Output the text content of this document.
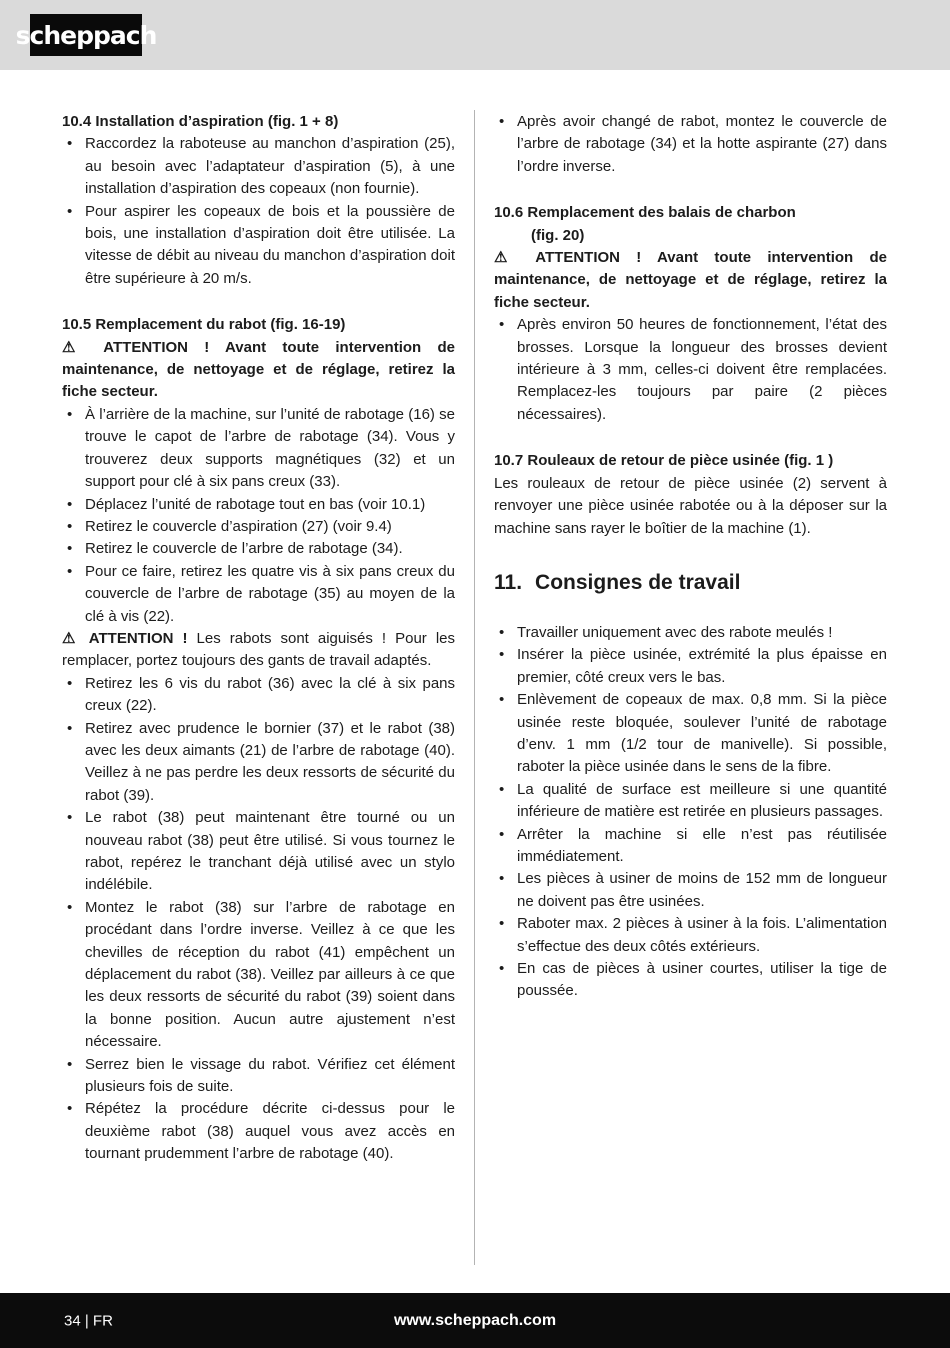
scheppach
10.4 Installation d’aspiration (fig. 1 + 8)
• Raccordez la raboteuse au manchon d’aspiration (25), au besoin avec l’adaptateur d’aspiration (5), à une installation d’aspiration des copeaux (non fournie).
• Pour aspirer les copeaux de bois et la poussière de bois, une installation d’aspiration doit être utilisée. La vitesse de débit au niveau du manchon d’aspiration doit être supérieure à 20 m/s.
10.5 Remplacement du rabot (fig. 16-19)

⚠ ATTENTION ! Avant toute intervention de maintenance, de nettoyage et de réglage, retirez la fiche secteur.

• À l’arrière de la machine, sur l’unité de rabotage (16) se trouve le capot de l’arbre de rabotage (34). Vous y trouverez deux supports magnétiques (32) et un support pour clé à six pans creux (33).
• Déplacez l’unité de rabotage tout en bas (voir 10.1)
• Retirez le couvercle d’aspiration (27) (voir 9.4)
• Retirez le couvercle de l’arbre de rabotage (34).
• Pour ce faire, retirez les quatre vis à six pans creux du couvercle de l’arbre de rabotage (35) au moyen de la clé à vis (22).

⚠ ATTENTION ! Les rabots sont aiguisés ! Pour les remplacer, portez toujours des gants de travail adaptés.

• Retirez les 6 vis du rabot (36) avec la clé à six pans creux (22).
• Retirez avec prudence le bornier (37) et le rabot (38) avec les deux aimants (21) de l’arbre de rabotage (40). Veillez à ne pas perdre les deux ressorts de sécurité du rabot (39).
• Le rabot (38) peut maintenant être tourné ou un nouveau rabot (38) peut être utilisé. Si vous tournez le rabot, repérez le tranchant déjà utilisé avec un stylo indélébile.
• Montez le rabot (38) sur l’arbre de rabotage en procédant dans l’ordre inverse. Veillez à ce que les chevilles de réception du rabot (41) empêchent un déplacement du rabot (38). Veillez par ailleurs à ce que les deux ressorts de sécurité du rabot (39) soient dans la bonne position. Aucun autre ajustement n’est nécessaire.
• Serrez bien le vissage du rabot. Vérifiez cet élément plusieurs fois de suite.
• Répétez la procédure décrite ci-dessus pour le deuxième rabot (38) auquel vous avez accès en tournant prudemment l’arbre de rabotage (40).
• Après avoir changé de rabot, montez le couvercle de l’arbre de rabotage (34) et la hotte aspirante (27) dans l’ordre inverse.
10.6 Remplacement des balais de charbon
(fig. 20)

⚠ ATTENTION ! Avant toute intervention de maintenance, de nettoyage et de réglage, retirez la fiche secteur.

• Après environ 50 heures de fonctionnement, l’état des brosses. Lorsque la longueur des brosses devient intérieure à 3 mm, celles-ci doivent être remplacées. Remplacez-les toujours par paire (2 pièces nécessaires).
10.7 Rouleaux de retour de pièce usinée (fig. 1 )

Les rouleaux de retour de pièce usinée (2) servent à renvoyer une pièce usinée rabotée ou à la déposer sur la machine sans rayer le boîtier de la machine (1).

11. Consignes de travail
• Travailler uniquement avec des rabote meulés !
• Insérer la pièce usinée, extrémité la plus épaisse en premier, côté creux vers le bas.
• Enlèvement de copeaux de max. 0,8 mm. Si la pièce usinée reste bloquée, soulever l’unité de rabotage d’env. 1 mm (1/2 tour de manivelle). Si possible, raboter la pièce usinée dans le sens de la fibre.
• La qualité de surface est meilleure si une quantité inférieure de matière est retirée en plusieurs passages.
• Arrêter la machine si elle n’est pas réutilisée immédiatement.
• Les pièces à usiner de moins de 152 mm de longueur ne doivent pas être usinées.
• Raboter max. 2 pièces à usiner à la fois. L’alimentation s’effectue des deux côtés extérieurs.
• En cas de pièces à usiner courtes, utiliser la tige de poussée.
34 | FR	www.scheppach.com
